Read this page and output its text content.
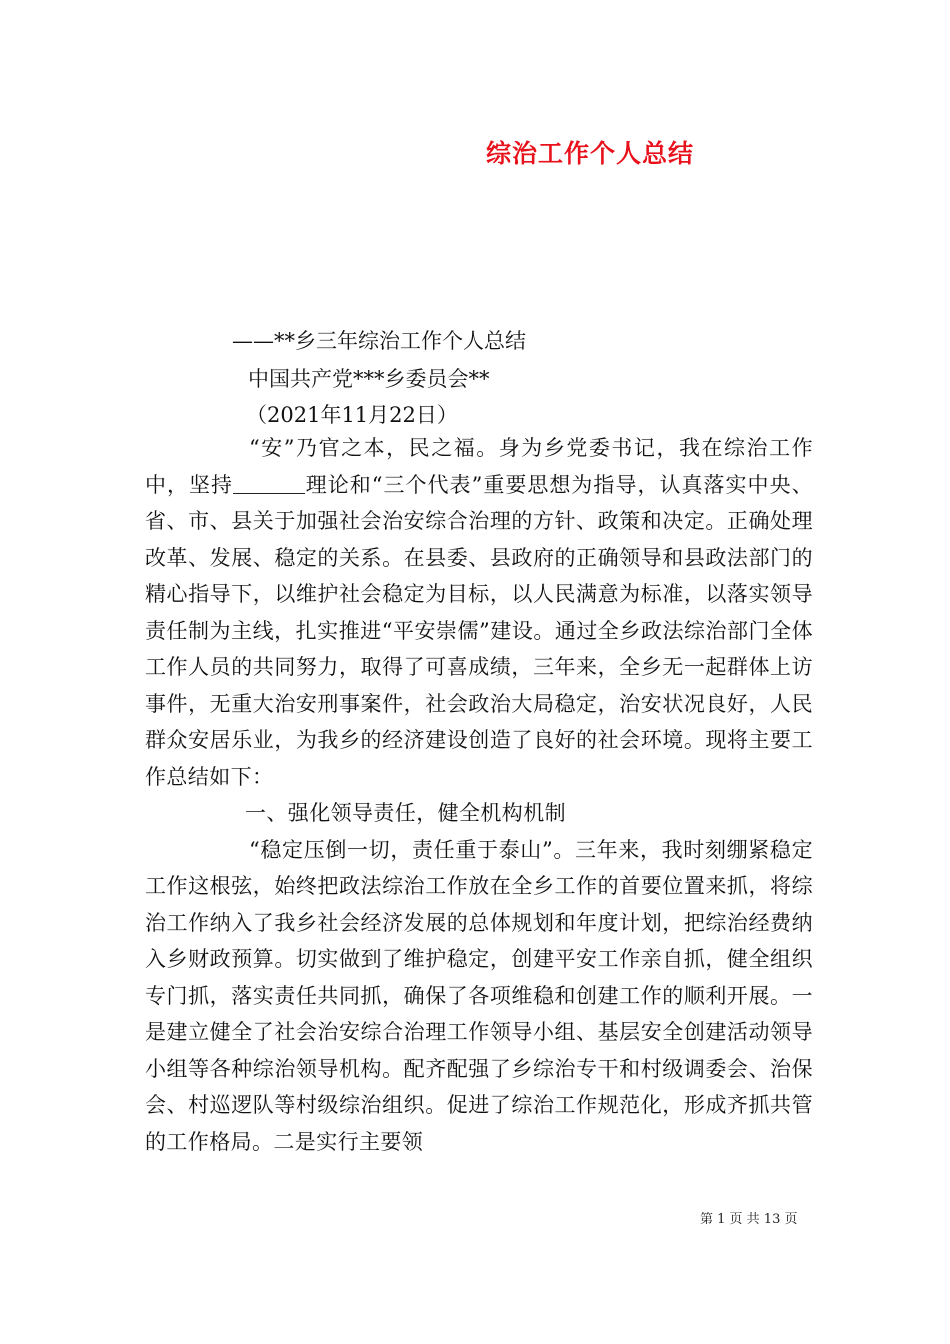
综治工作个人总结
——**乡三年综治工作个人总结
中国共产党***乡委员会**
（2021年11月22日）

“安”乃官之本，民之福。身为乡党委书记，我在综治工作中，坚持	理论和“三个代表”重要思想为指导，认真落实中央、省、市、县关于加强社会治安综合治理的方针、政策和决定。正确处理改革、发展、稳定的关系。在县委、县政府的正确领导和县政法部门的精心指导下，以维护社会稳定为目标，以人民满意为标准，以落实领导责任制为主线，扎实推进“平安崇儒”建设。通过全乡政法综治部门全体工作人员的共同努力，取得了可喜成绩，三年来，全乡无一起群体上访事件，无重大治安刑事案件，社会政治大局稳定，治安状况良好，人民群众安居乐业，为我乡的经济建设创造了良好的社会环境。现将主要工作总结如下：

一、强化领导责任，健全机构机制

“稳定压倒一切，责任重于泰山”。三年来，我时刻绷紧稳定工作这根弦，始终把政法综治工作放在全乡工作的首要位置来抓，将综治工作纳入了我乡社会经济发展的总体规划和年度计划，把综治经费纳入乡财政预算。切实做到了维护稳定，创建平安工作亲自抓，健全组织专门抓，落实责任共同抓，确保了各项维稳和创建工作的顺利开展。一是建立健全了社会治安综合治理工作领导小组、基层安全创建活动领导小组等各种综治领导机构。配齐配强了乡综治专干和村级调委会、治保会、村巡逻队等村级综治组织。促进了综治工作规范化，形成齐抓共管的工作格局。二是实行主要领

第 1 页 共 13 页
